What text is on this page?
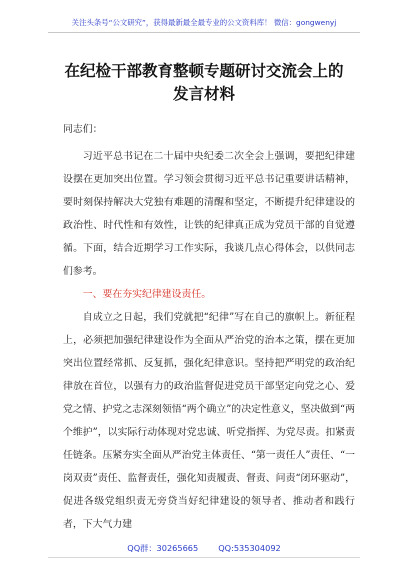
关注头条号“公文研究”，获得最新最全最专业的公文资料库！ 微信：gongwenyj
在纪检干部教育整顿专题研讨交流会上的
发言材料

同志们：

习近平总书记在二十届中央纪委二次全会上强调，要把纪律建设摆在更加突出位置。学习领会贯彻习近平总书记重要讲话精神，要时刻保持解决大党独有难题的清醒和坚定，不断提升纪律建设的政治性、时代性和有效性，让铁的纪律真正成为党员干部的自觉遵循。下面，结合近期学习工作实际，我谈几点心得体会，以供同志们参考。

一、要在夯实纪律建设责任。

自成立之日起，我们党就把“纪律”写在自己的旗帜上。新征程上，必须把加强纪律建设作为全面从严治党的治本之策，摆在更加突出位置经常抓、反复抓，强化纪律意识。坚持把严明党的政治纪律放在首位，以强有力的政治监督促进党员干部坚定向党之心、爱党之情、护党之志深刻领悟“两个确立”的决定性意义，坚决做到“两个维护”，以实际行动体现对党忠诚、听党指挥、为党尽责。扣紧责任链条。压紧夯实全面从严治党主体责任、“第一责任人”责任、“一岗双责”责任、监督责任，强化知责履责、督责、问责“闭环驱动”，促进各级党组织责无旁贷当好纪律建设的领导者、推动者和践行者，下大气力建

QQ群：30265665 QQ:535304092
